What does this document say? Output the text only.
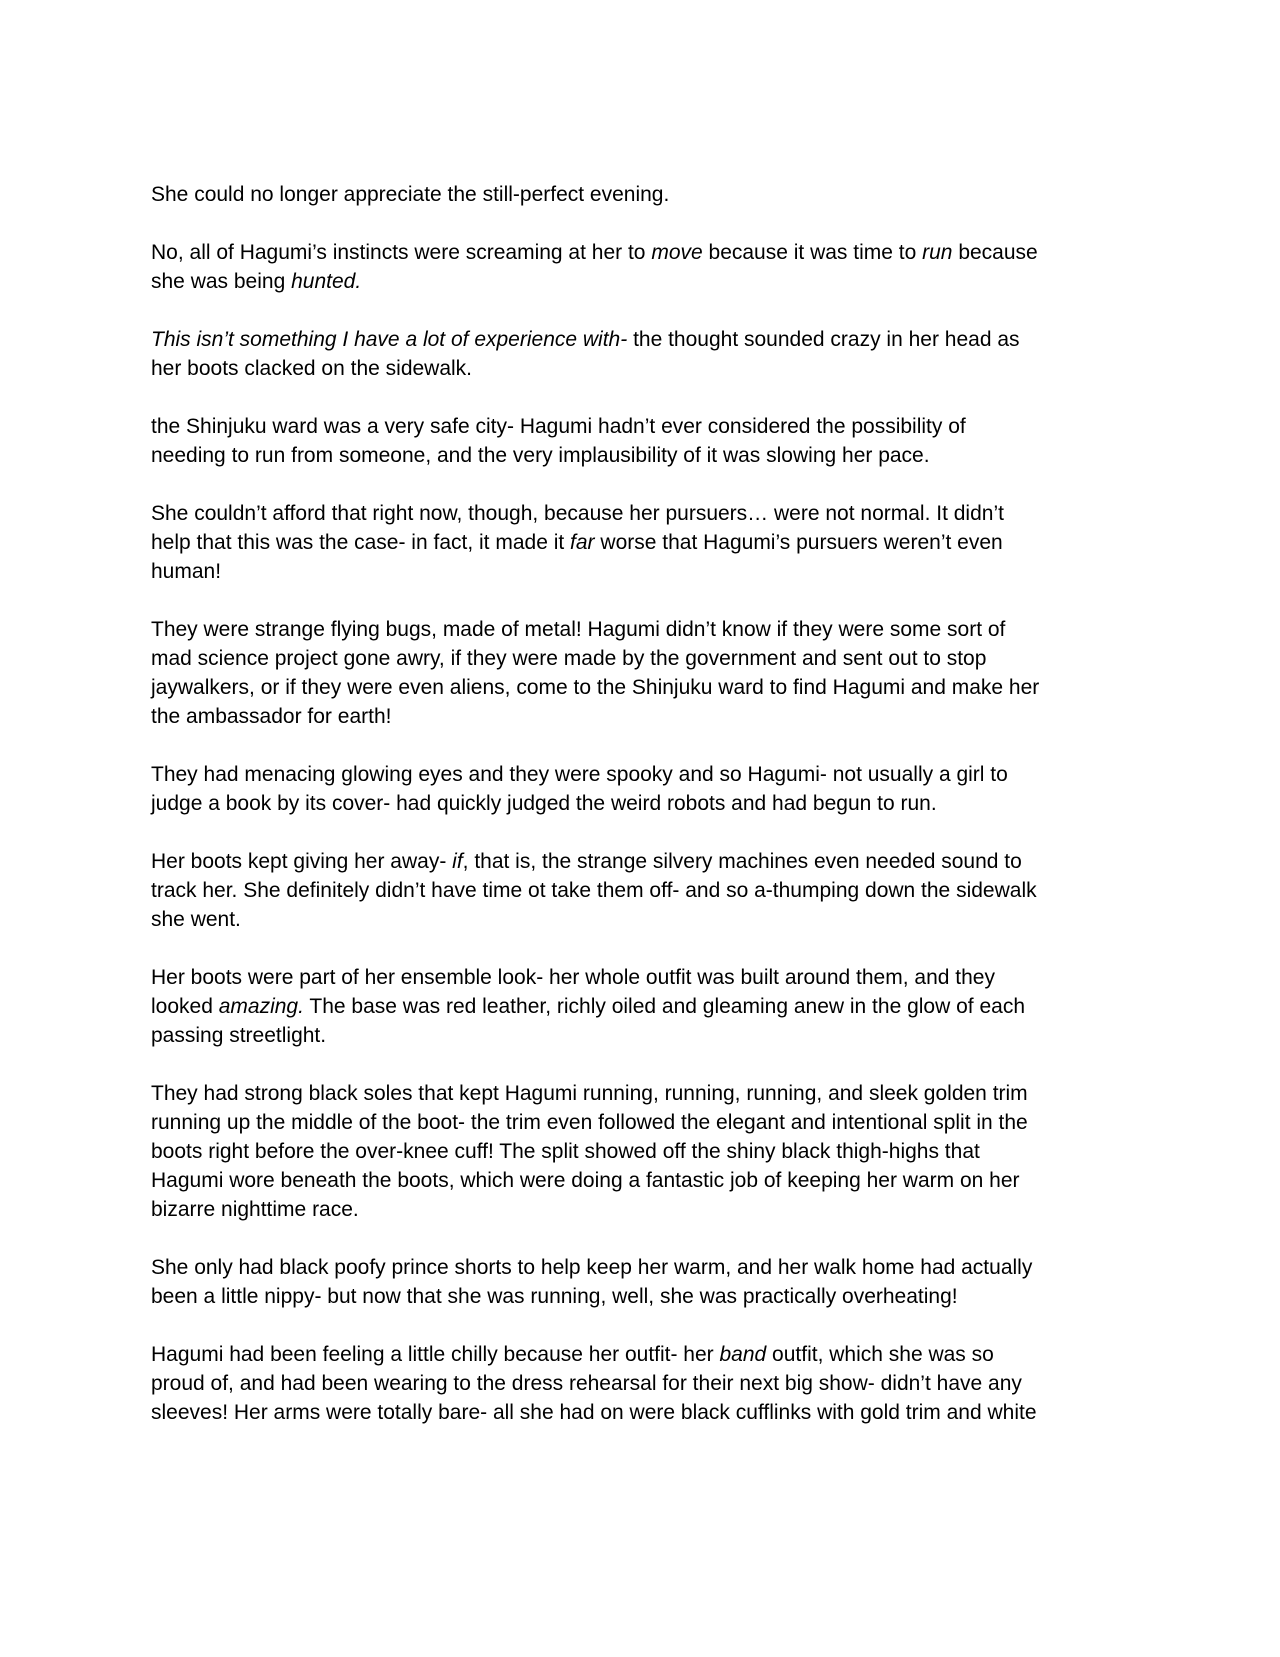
She could no longer appreciate the still-perfect evening.
No, all of Hagumi’s instincts were screaming at her to move because it was time to run because
she was being hunted.
This isn’t something I have a lot of experience with- the thought sounded crazy in her head as
her boots clacked on the sidewalk.
the Shinjuku ward was a very safe city- Hagumi hadn’t ever considered the possibility of
needing to run from someone, and the very implausibility of it was slowing her pace.
She couldn’t afford that right now, though, because her pursuers… were not normal. It didn’t
help that this was the case- in fact, it made it far worse that Hagumi’s pursuers weren’t even
human!
They were strange flying bugs, made of metal! Hagumi didn’t know if they were some sort of
mad science project gone awry, if they were made by the government and sent out to stop
jaywalkers, or if they were even aliens, come to the Shinjuku ward to find Hagumi and make her
the ambassador for earth!
They had menacing glowing eyes and they were spooky and so Hagumi- not usually a girl to
judge a book by its cover- had quickly judged the weird robots and had begun to run.
Her boots kept giving her away- if, that is, the strange silvery machines even needed sound to
track her. She definitely didn’t have time ot take them off- and so a-thumping down the sidewalk
she went.
Her boots were part of her ensemble look- her whole outfit was built around them, and they
looked amazing. The base was red leather, richly oiled and gleaming anew in the glow of each
passing streetlight.
They had strong black soles that kept Hagumi running, running, running, and sleek golden trim
running up the middle of the boot- the trim even followed the elegant and intentional split in the
boots right before the over-knee cuff! The split showed off the shiny black thigh-highs that
Hagumi wore beneath the boots, which were doing a fantastic job of keeping her warm on her
bizarre nighttime race.
She only had black poofy prince shorts to help keep her warm, and her walk home had actually
been a little nippy- but now that she was running, well, she was practically overheating!
Hagumi had been feeling a little chilly because her outfit- her band outfit, which she was so
proud of, and had been wearing to the dress rehearsal for their next big show- didn’t have any
sleeves! Her arms were totally bare- all she had on were black cufflinks with gold trim and white
